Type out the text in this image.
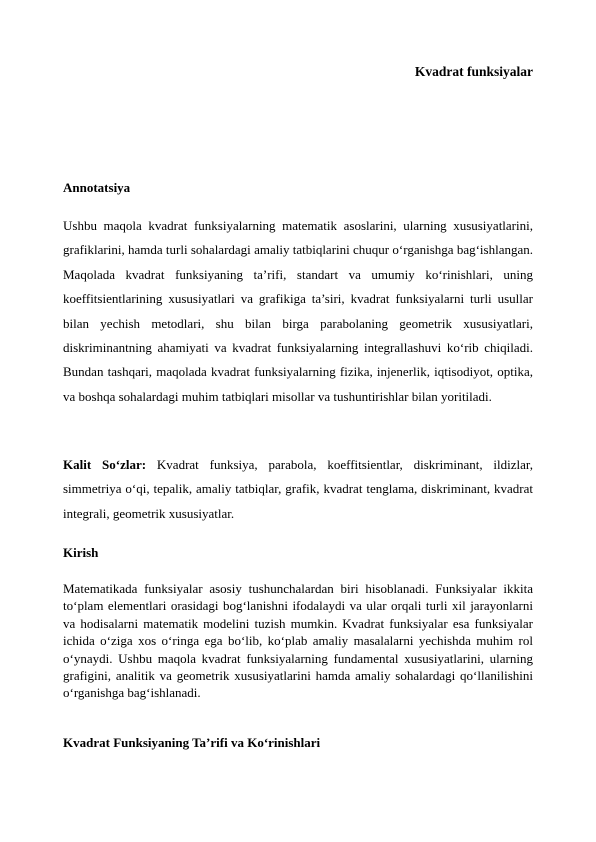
Kvadrat funksiyalar
Annotatsiya

Ushbu maqola kvadrat funksiyalarning matematik asoslarini, ularning xususiyatlarini, grafiklarini, hamda turli sohalardagi amaliy tatbiqlarini chuqur o‘rganishga bag‘ishlangan. Maqolada kvadrat funksiyaning ta’rifi, standart va umumiy ko‘rinishlari, uning koeffitsientlarining xususiyatlari va grafikiga ta’siri, kvadrat funksiyalarni turli usullar bilan yechish metodlari, shu bilan birga parabolaning geometrik xususiyatlari, diskriminantning ahamiyati va kvadrat funksiyalarning integrallashuvi ko‘rib chiqiladi. Bundan tashqari, maqolada kvadrat funksiyalarning fizika, injenerlik, iqtisodiyot, optika, va boshqa sohalardagi muhim tatbiqlari misollar va tushuntirishlar bilan yoritiladi.

Kalit So‘zlar: Kvadrat funksiya, parabola, koeffitsientlar, diskriminant, ildizlar, simmetriya o‘qi, tepalik, amaliy tatbiqlar, grafik, kvadrat tenglama, diskriminant, kvadrat integrali, geometrik xususiyatlar.

Kirish

Matematikada funksiyalar asosiy tushunchalardan biri hisoblanadi. Funksiyalar ikkita to‘plam elementlari orasidagi bog‘lanishni ifodalaydi va ular orqali turli xil jarayonlarni va hodisalarni matematik modelini tuzish mumkin. Kvadrat funksiyalar esa funksiyalar ichida o‘ziga xos o‘ringa ega bo‘lib, ko‘plab amaliy masalalarni yechishda muhim rol o‘ynaydi. Ushbu maqola kvadrat funksiyalarning fundamental xususiyatlarini, ularning grafigini, analitik va geometrik xususiyatlarini hamda amaliy sohalardagi qo‘llanilishini o‘rganishga bag‘ishlanadi.

Kvadrat Funksiyaning Ta’rifi va Ko‘rinishlari
